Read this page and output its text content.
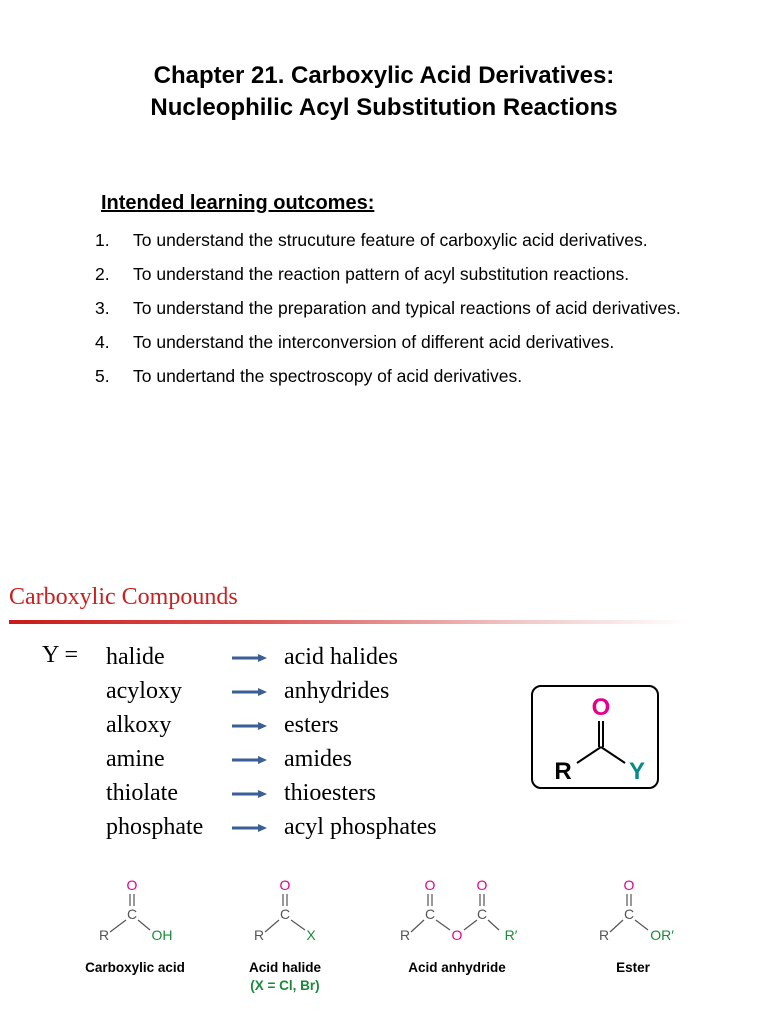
Chapter 21. Carboxylic Acid Derivatives:
Nucleophilic Acyl Substitution Reactions
Intended learning outcomes:
1.	To understand the strucuture feature of carboxylic acid derivatives.
2.	To understand the reaction pattern of acyl substitution reactions.
3.	To understand the preparation and typical reactions of acid derivatives.
4.	To understand the interconversion of different acid derivatives.
5.	To undertand the spectroscopy of acid derivatives.
Carboxylic Compounds
Y = halide	acid halides
acyloxy	anhydrides
alkoxy	esters
amine	amides
thiolate	thioesters
phosphate	acyl phosphates
O
R Y
O
C
R	OH
Carboxylic acid
O
C
R	X
Acid halide
(X = Cl, Br)
O
C
R	O
O
C
R′
Acid anhydride
O
C
R	OR′
Ester
